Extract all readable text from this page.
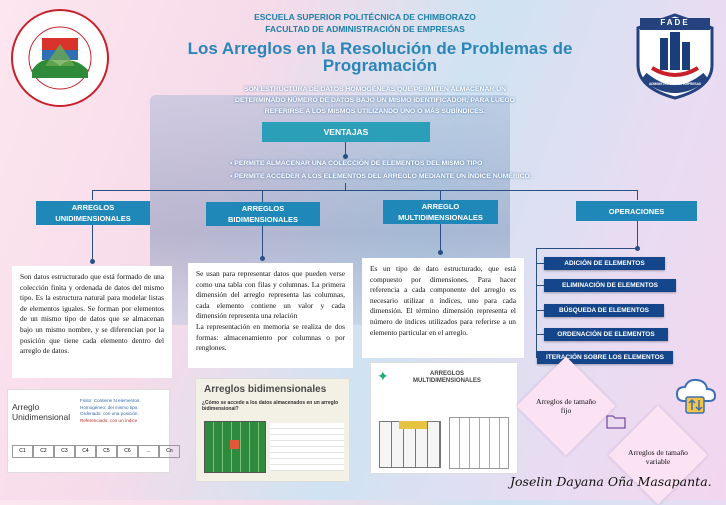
FADE
ADMINISTRACIÓN DE EMPRESAS
ESCUELA SUPERIOR POLITÉCNICA DE CHIMBORAZO
FACULTAD DE ADMINISTRACIÓN DE EMPRESAS
Los Arreglos en la Resolución de Problemas de Programación
SON ESTRUCTURA DE DATOS HOMOGÉNEAS QUE PERMITEN ALMACENAR UN DETERMINADO NÚMERO DE DATOS BAJO UN MISMO IDENTIFICADOR, PARA LUEGO REFERIRSE A LOS MISMOS UTILIZANDO UNO O MÁS SUBÍNDICES.
VENTAJAS
• PERMITE ALMACENAR UNA COLECCIÓN DE ELEMENTOS DEL MISMO TIPO
• PERMITE ACCEDER A LOS ELEMENTOS DEL ARREGLO MEDIANTE UN ÍNDICE NUMÉRICO.
ARREGLOS UNIDIMENSIONALES
ARREGLOS BIDIMENSIONALES
ARREGLO MULTIDIMENSIONALES
OPERACIONES
Son datos estructurado que está formado de una colección finita y ordenada de datos del mismo tipo. Es la estructura natural para modelar listas de elementos iguales. Se forman por elementos de un mismo tipo de datos que se almacenan bajo un mismo nombre, y se diferencian por la posición que tiene cada elemento dentro del arreglo de datos.
Se usan para representar datos que pueden verse como una tabla con filas y columnas. La primera dimensión del arreglo representa las columnas, cada elemento contiene un valor y cada dimensión representa una relación
La representación en memoria se realiza de dos formas: almacenamiento por columnas o por renglones.
Es un tipo de dato estructurado, que está compuesto por dimensiones. Para hacer referencia a cada componente del arreglo es necesario utilizar n índices, uno para cada dimensión. El término dimensión representa el número de índices utilizados para referirse a un elemento particular en el arreglo.
ADICIÓN DE ELEMENTOS
ELIMINACIÓN DE ELEMENTOS
BÚSQUEDA DE ELEMENTOS
ORDENACIÓN DE ELEMENTOS
ITERACIÓN SOBRE LOS ELEMENTOS
Arreglo Unidimensional
Finito: Contiene N elementos.
Homogéneo: del mismo tipo.
Ordenado: con una posición.
Referenciado: con un índice
C1	C2	C3	C4	C5	C6	...	Cn
Arreglos bidimensionales
¿Cómo se accede a los datos almacenados en un arreglo bidimensional?
ARREGLOS MULTIDIMENSIONALES
✦
Arreglos de tamaño fijo
Arreglos de tamaño variable
Joselin Dayana Oña Masapanta.
